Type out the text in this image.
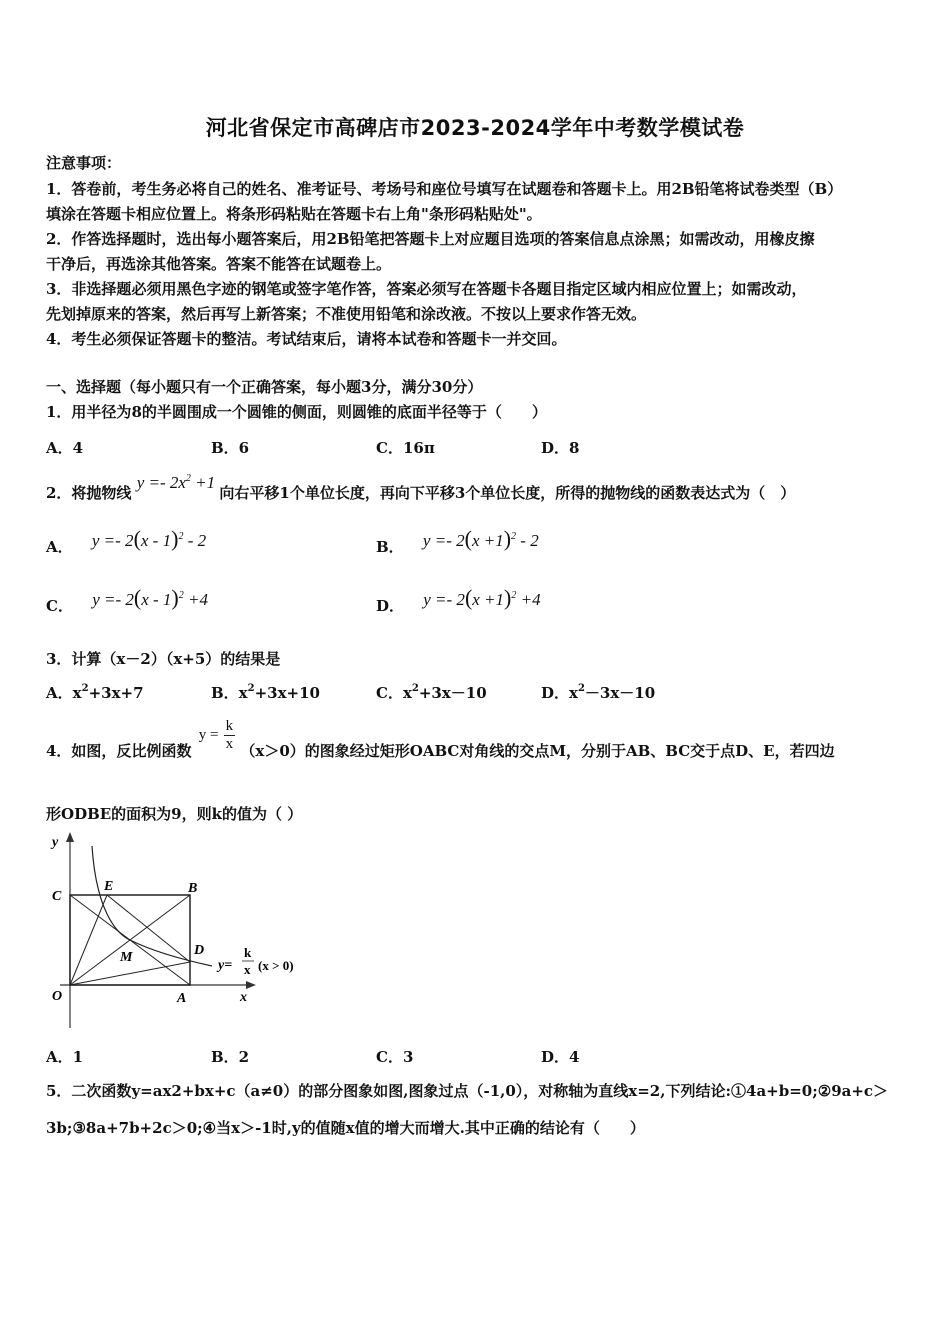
河北省保定市高碑店市2023-2024学年中考数学模试卷
注意事项：
1．答卷前，考生务必将自己的姓名、准考证号、考场号和座位号填写在试题卷和答题卡上。用2B铅笔将试卷类型（B）
填涂在答题卡相应位置上。将条形码粘贴在答题卡右上角"条形码粘贴处"。
2．作答选择题时，选出每小题答案后，用2B铅笔把答题卡上对应题目选项的答案信息点涂黑；如需改动，用橡皮擦
干净后，再选涂其他答案。答案不能答在试题卷上。
3．非选择题必须用黑色字迹的钢笔或签字笔作答，答案必须写在答题卡各题目指定区域内相应位置上；如需改动，
先划掉原来的答案，然后再写上新答案；不准使用铅笔和涂改液。不按以上要求作答无效。
4．考生必须保证答题卡的整洁。考试结束后，请将本试卷和答题卡一并交回。
一、选择题（每小题只有一个正确答案，每小题3分，满分30分）
1．用半径为8的半圆围成一个圆锥的侧面，则圆锥的底面半径等于（　　）
A．4	B．6	C．16π	D．8
2．将抛物线 $y =- 2x^2 +1$ 向右平移1个单位长度，再向下平移3个单位长度，所得的抛物线的函数表达式为（　）
A． y =- 2(x - 1)$^2$ - 2	B． $y =- 2(x +1)^2 - 2$
C． y =- 2(x - 1)$^2$ +4	D． $y =- 2(x +1)^2 +4$
3．计算（x－2）（x+5）的结果是
A．$x^2+3x+7$	B．$x^2+3x+10$	C．$x^2+3x-10$	D．$x^2-3x-10$
4．如图，反比例函数 $y = \frac{k}{x} (x>0)$的图象经过矩形OABC对角线的交点M，分别于AB、BC交于点D、E，若四边
形ODBE的面积为9，则k的值为（ ）
y
x
O	A
B
C
D
E
M
y=
k
x (x > 0)
A．1	B．2	C．3	D．4
5．二次函数y=ax2+bx+c（a≠0）的部分图象如图,图象过点（-1,0），对称轴为直线x=2,下列结论:①4a+b=0;②9a+c＞
3b;③8a+7b+2c＞0;④当x＞-1时,y的值随x值的增大而增大.其中正确的结论有（　　）
